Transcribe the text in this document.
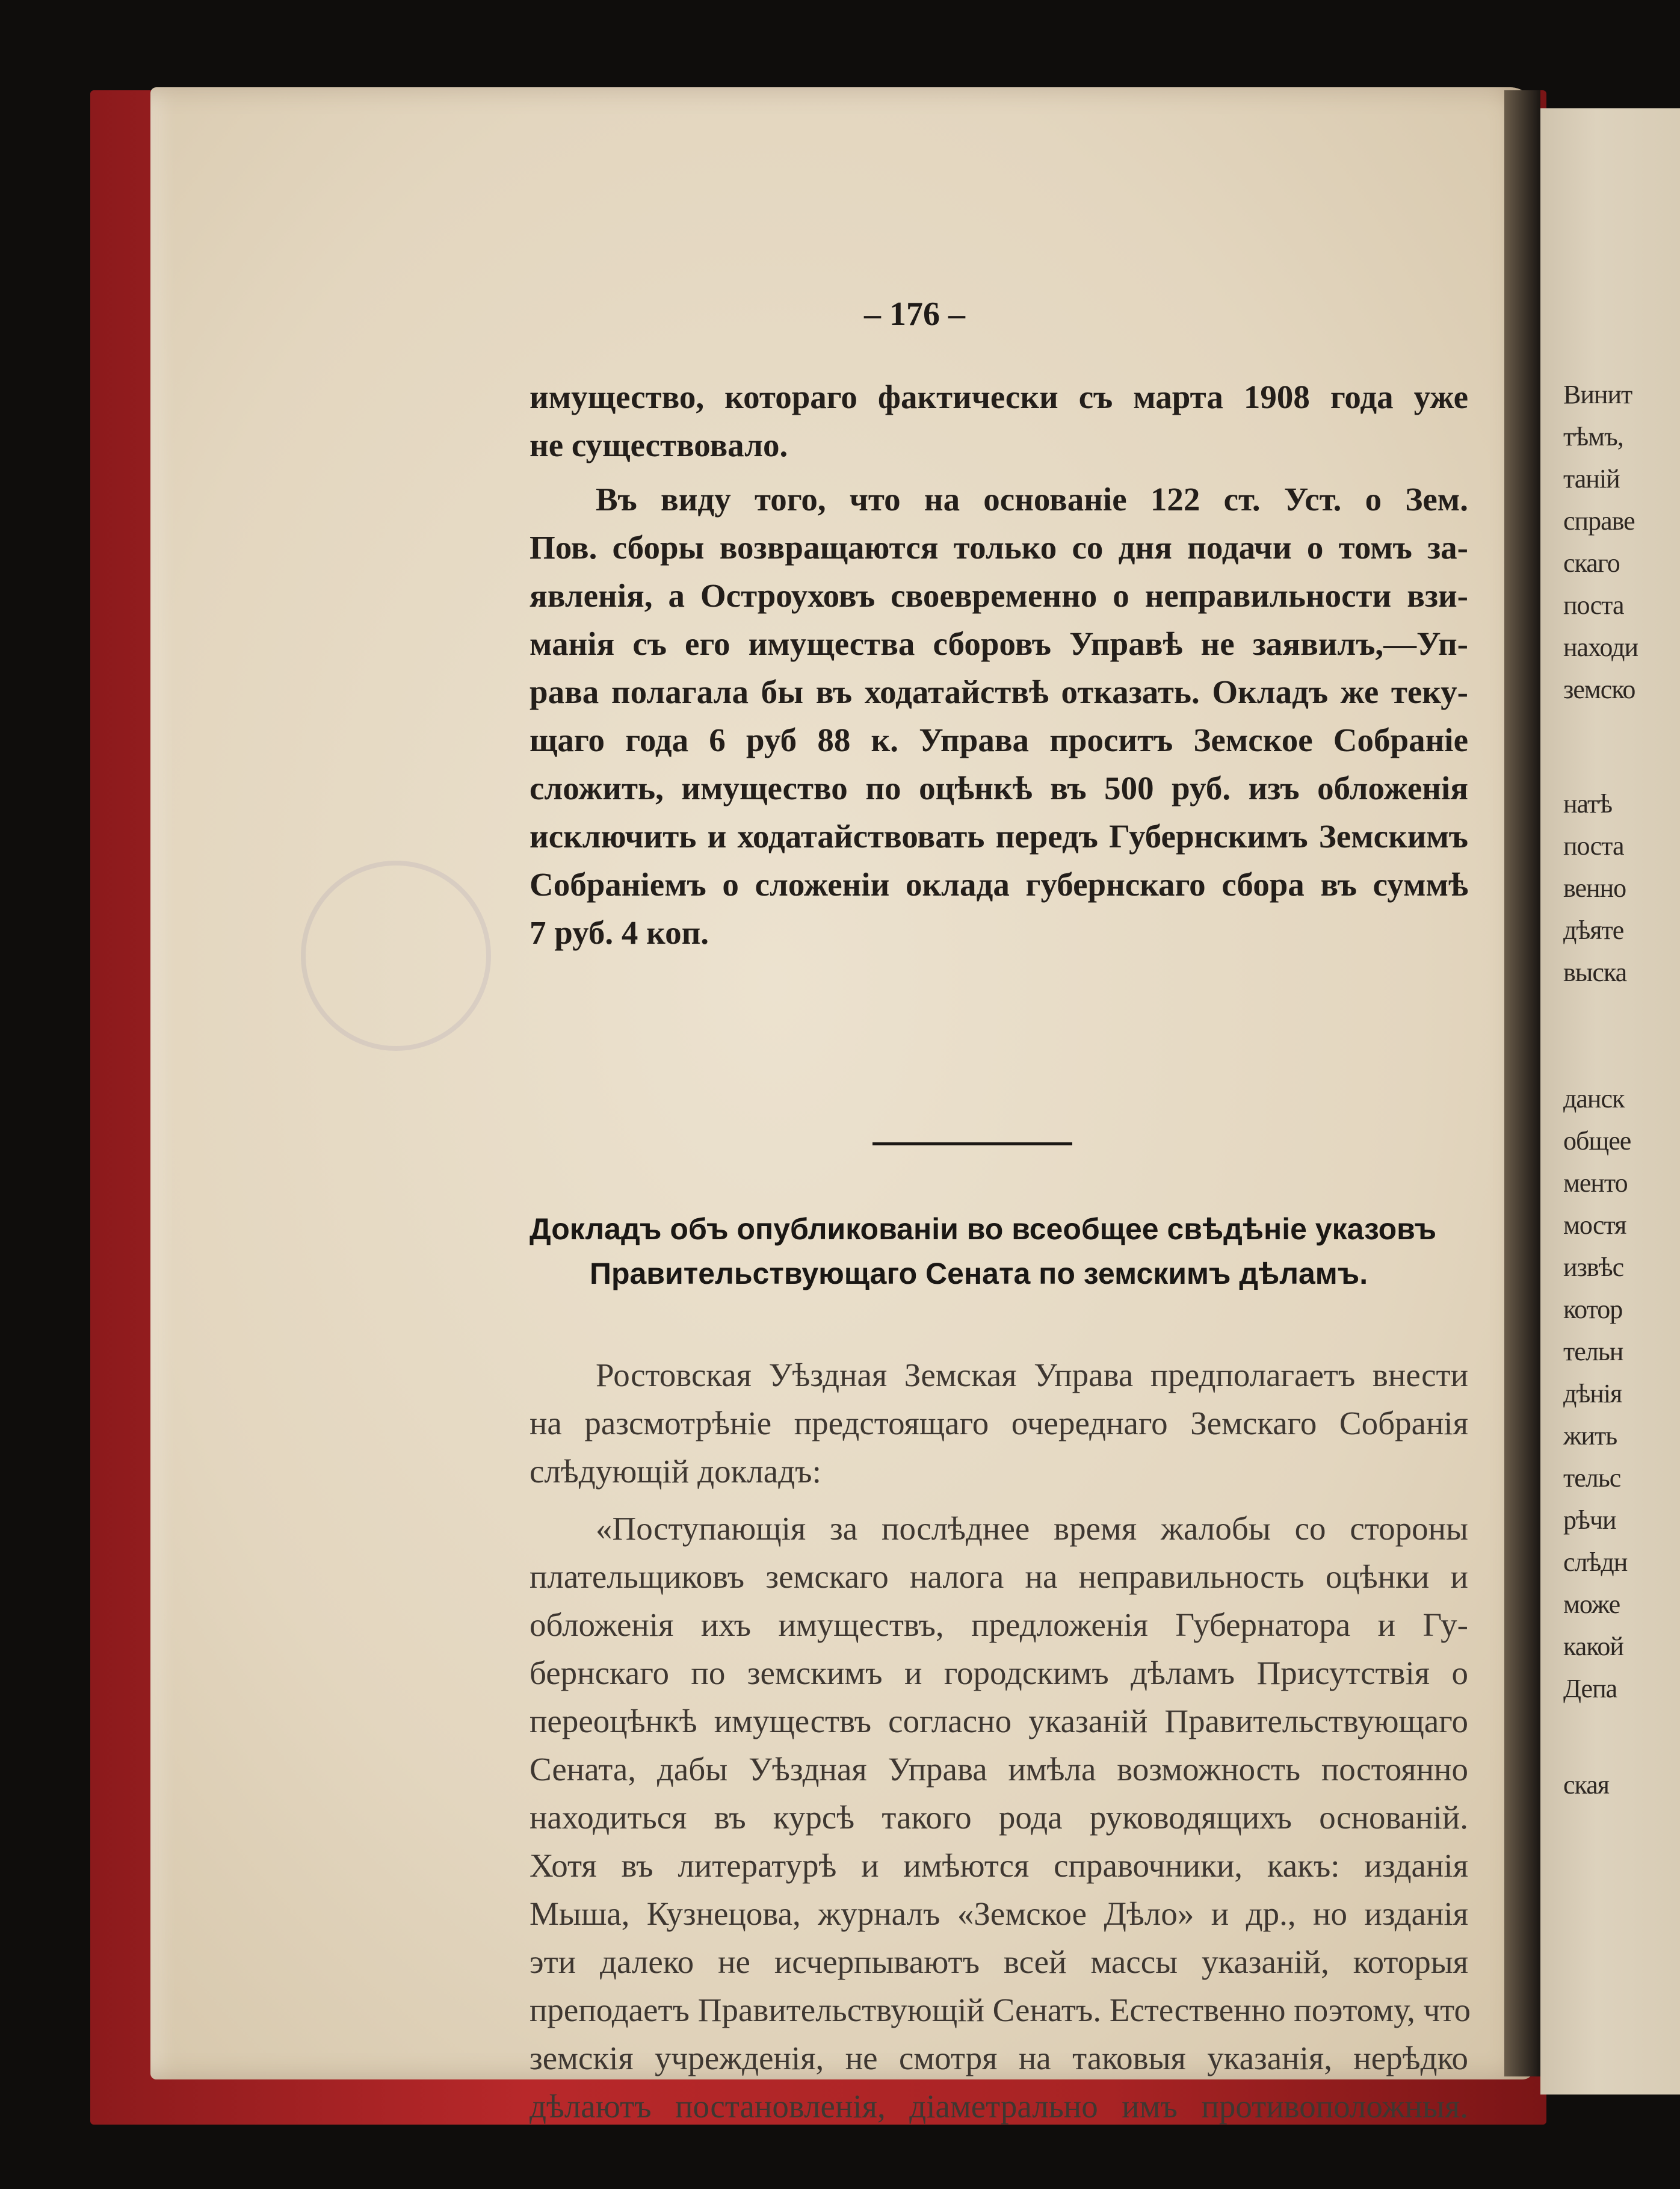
Винит
тѣмъ,
таній
справе
скаго
поста
находи
земско
натѣ
поста
венно
дѣяте
выска
данск
общее
менто
мостя
извѣс
котор
тельн
дѣнія
жить
тельс
рѣчи
слѣдн
може
какой
Депа
ская
– 176 –
имущество, котораго фактически съ марта 1908 года уже
не существовало.
Въ виду того, что на основаніе 122 ст. Уст. о Зем.
Пов. сборы возвращаются только со дня подачи о томъ за-
явленія, а Остроуховъ своевременно о неправильности взи-
манія съ его имущества сборовъ Управѣ не заявилъ,—Уп-
рава полагала бы въ ходатайствѣ отказать. Окладъ же теку-
щаго года 6 руб 88 к. Управа проситъ Земское Собраніе
сложить, имущество по оцѣнкѣ въ 500 руб. изъ обложенія
исключить и ходатайствовать передъ Губернскимъ Земскимъ
Собраніемъ о сложеніи оклада губернскаго сбора въ суммѣ
7 руб. 4 коп.
Докладъ объ опубликованіи во всеобщее свѣдѣніе указовъ
Правительствующаго Сената по земскимъ дѣламъ.
Ростовская Уѣздная Земская Управа предполагаетъ внести
на разсмотрѣніе предстоящаго очереднаго Земскаго Собранія
слѣдующій докладъ:
«Поступающія за послѣднее время жалобы со стороны
плательщиковъ земскаго налога на неправильность оцѣнки и
обложенія ихъ имуществъ, предложенія Губернатора и Гу-
бернскаго по земскимъ и городскимъ дѣламъ Присутствія о
переоцѣнкѣ имуществъ согласно указаній Правительствующаго
Сената, дабы Уѣздная Управа имѣла возможность постоянно
находиться въ курсѣ такого рода руководящихъ основаній.
Хотя въ литературѣ и имѣются справочники, какъ: изданія
Мыша, Кузнецова, журналъ «Земское Дѣло» и др., но изданія
эти далеко не исчерпываютъ всей массы указаній, которыя
преподаетъ Правительствующій Сенатъ. Естественно поэтому, что
земскія учрежденія, не смотря на таковыя указанія, нерѣдко
дѣлаютъ постановленія, діаметрально имъ противоположныя.
